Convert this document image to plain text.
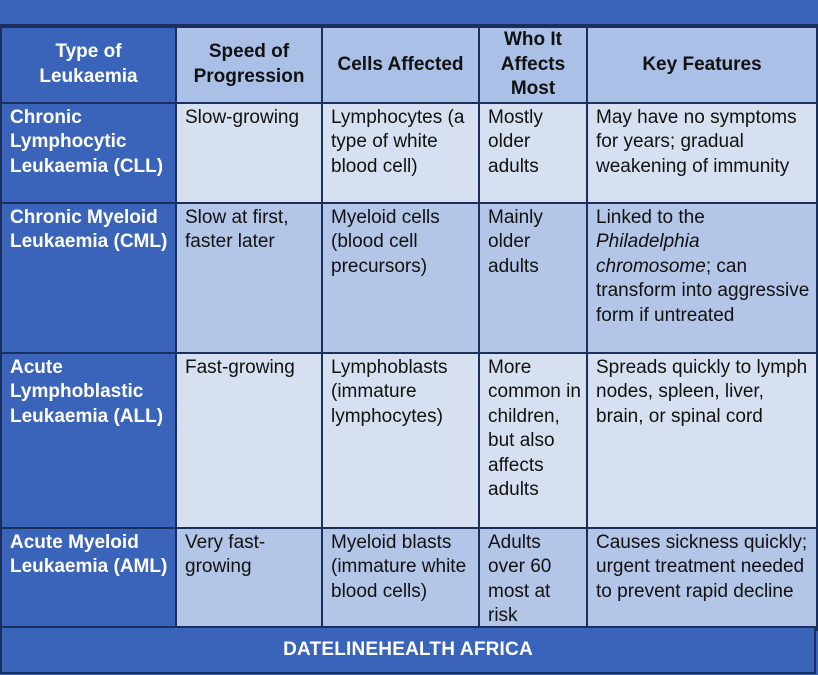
Type of Leukaemia	Speed of Progression	Cells Affected	Who It Affects Most	Key Features
Chronic Lymphocytic Leukaemia (CLL)	Slow-growing	Lymphocytes (a type of white blood cell)	Mostly older adults	May have no symptoms for years; gradual weakening of immunity
Chronic Myeloid Leukaemia (CML)	Slow at first, faster later	Myeloid cells (blood cell precursors)	Mainly older adults	Linked to the Philadelphia chromosome; can transform into aggressive form if untreated
Acute Lymphoblastic Leukaemia (ALL)	Fast-growing	Lymphoblasts (immature lymphocytes)	More common in children, but also affects adults	Spreads quickly to lymph nodes, spleen, liver, brain, or spinal cord
Acute Myeloid Leukaemia (AML)	Very fast-growing	Myeloid blasts (immature white blood cells)	Adults over 60 most at risk	Causes sickness quickly; urgent treatment needed to prevent rapid decline
DATELINEHEALTH AFRICA
